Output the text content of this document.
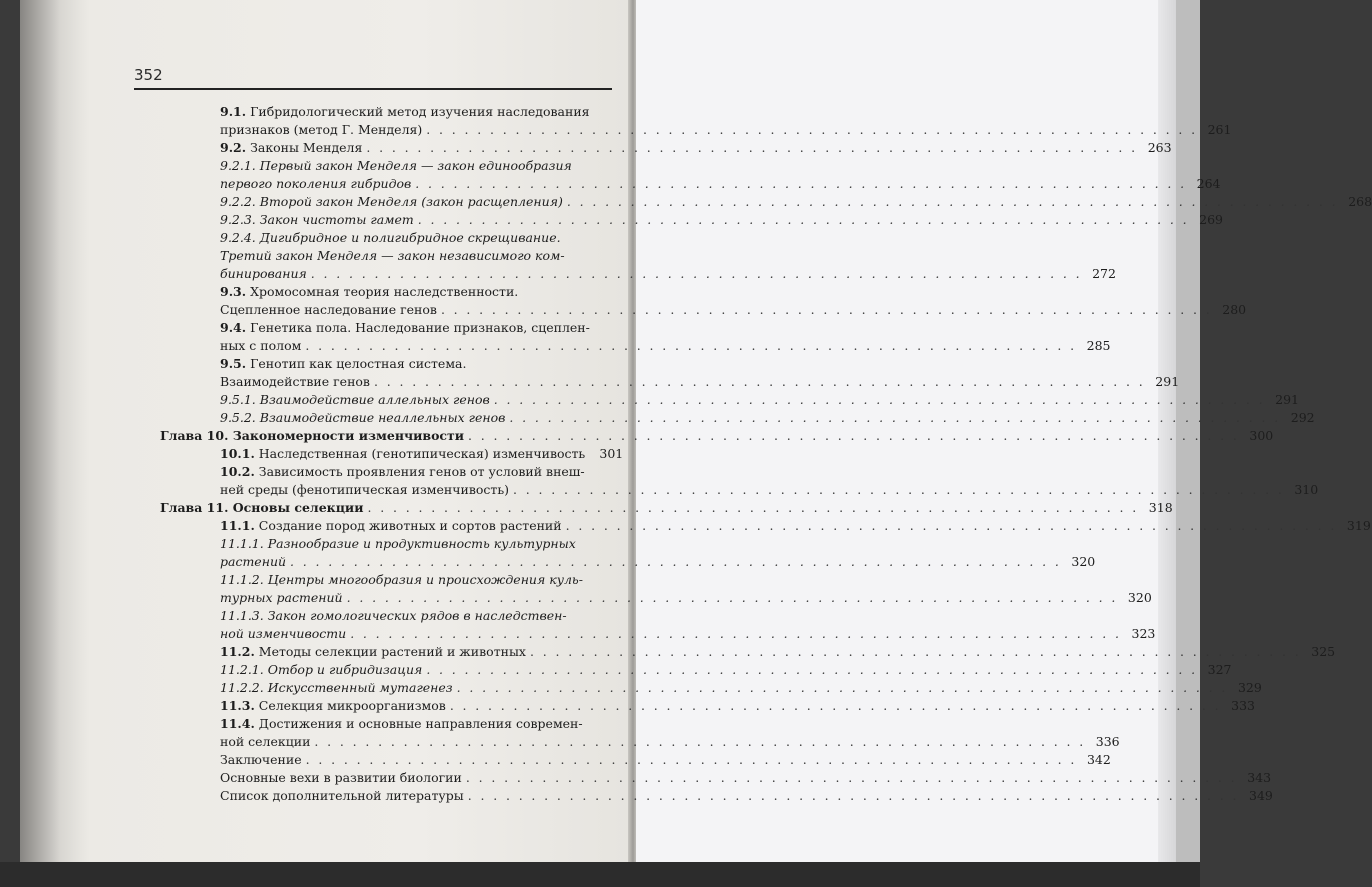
352
9.1. Гибридологический метод изучения наследования
признаков (метод Г. Менделя) . . . . . . . . . . . . . . . . . . . . . . . . . . . . . . . . . . . . . . . . . . . . . . . . . . . . . . . . . . . . . 261
9.2. Законы Менделя . . . . . . . . . . . . . . . . . . . . . . . . . . . . . . . . . . . . . . . . . . . . . . . . . . . . . . . . . . . . . 263
9.2.1. Первый закон Менделя — закон единообразия
первого поколения гибридов . . . . . . . . . . . . . . . . . . . . . . . . . . . . . . . . . . . . . . . . . . . . . . . . . . . . . . . . . . . . . 264
9.2.2. Второй закон Менделя (закон расщепления) . . . . . . . . . . . . . . . . . . . . . . . . . . . . . . . . . . . . . . . . . . . . . . . . . . . . . . . . . . . . . 268
9.2.3. Закон чистоты гамет . . . . . . . . . . . . . . . . . . . . . . . . . . . . . . . . . . . . . . . . . . . . . . . . . . . . . . . . . . . . . 269
9.2.4. Дигибридное и полигибридное скрещивание.
Третий закон Менделя — закон независимого ком-
бинирования . . . . . . . . . . . . . . . . . . . . . . . . . . . . . . . . . . . . . . . . . . . . . . . . . . . . . . . . . . . . . 272
9.3. Хромосомная теория наследственности.
Сцепленное наследование генов . . . . . . . . . . . . . . . . . . . . . . . . . . . . . . . . . . . . . . . . . . . . . . . . . . . . . . . . . . . . . 280
9.4. Генетика пола. Наследование признаков, сцеплен-
ных с полом . . . . . . . . . . . . . . . . . . . . . . . . . . . . . . . . . . . . . . . . . . . . . . . . . . . . . . . . . . . . . 285
9.5. Генотип как целостная система.
Взаимодействие генов . . . . . . . . . . . . . . . . . . . . . . . . . . . . . . . . . . . . . . . . . . . . . . . . . . . . . . . . . . . . . 291
9.5.1. Взаимодействие аллельных генов . . . . . . . . . . . . . . . . . . . . . . . . . . . . . . . . . . . . . . . . . . . . . . . . . . . . . . . . . . . . . 291
9.5.2. Взаимодействие неаллельных генов . . . . . . . . . . . . . . . . . . . . . . . . . . . . . . . . . . . . . . . . . . . . . . . . . . . . . . . . . . . . . 292
Глава 10. Закономерности изменчивости . . . . . . . . . . . . . . . . . . . . . . . . . . . . . . . . . . . . . . . . . . . . . . . . . . . . . . . . . . . . . 300
10.1. Наследственная (генотипическая) изменчивость	301
10.2. Зависимость проявления генов от условий внеш-
ней среды (фенотипическая изменчивость) . . . . . . . . . . . . . . . . . . . . . . . . . . . . . . . . . . . . . . . . . . . . . . . . . . . . . . . . . . . . . 310
Глава 11. Основы селекции . . . . . . . . . . . . . . . . . . . . . . . . . . . . . . . . . . . . . . . . . . . . . . . . . . . . . . . . . . . . . 318
11.1. Создание пород животных и сортов растений . . . . . . . . . . . . . . . . . . . . . . . . . . . . . . . . . . . . . . . . . . . . . . . . . . . . . . . . . . . . . 319
11.1.1. Разнообразие и продуктивность культурных
растений . . . . . . . . . . . . . . . . . . . . . . . . . . . . . . . . . . . . . . . . . . . . . . . . . . . . . . . . . . . . . 320
11.1.2. Центры многообразия и происхождения куль-
турных растений . . . . . . . . . . . . . . . . . . . . . . . . . . . . . . . . . . . . . . . . . . . . . . . . . . . . . . . . . . . . . 320
11.1.3. Закон гомологических рядов в наследствен-
ной изменчивости . . . . . . . . . . . . . . . . . . . . . . . . . . . . . . . . . . . . . . . . . . . . . . . . . . . . . . . . . . . . . 323
11.2. Методы селекции растений и животных . . . . . . . . . . . . . . . . . . . . . . . . . . . . . . . . . . . . . . . . . . . . . . . . . . . . . . . . . . . . . 325
11.2.1. Отбор и гибридизация . . . . . . . . . . . . . . . . . . . . . . . . . . . . . . . . . . . . . . . . . . . . . . . . . . . . . . . . . . . . . 327
11.2.2. Искусственный мутагенез . . . . . . . . . . . . . . . . . . . . . . . . . . . . . . . . . . . . . . . . . . . . . . . . . . . . . . . . . . . . . 329
11.3. Селекция микроорганизмов . . . . . . . . . . . . . . . . . . . . . . . . . . . . . . . . . . . . . . . . . . . . . . . . . . . . . . . . . . . . . 333
11.4. Достижения и основные направления современ-
ной селекции . . . . . . . . . . . . . . . . . . . . . . . . . . . . . . . . . . . . . . . . . . . . . . . . . . . . . . . . . . . . . 336
Заключение . . . . . . . . . . . . . . . . . . . . . . . . . . . . . . . . . . . . . . . . . . . . . . . . . . . . . . . . . . . . . 342
Основные вехи в развитии биологии . . . . . . . . . . . . . . . . . . . . . . . . . . . . . . . . . . . . . . . . . . . . . . . . . . . . . . . . . . . . . 343
Список дополнительной литературы . . . . . . . . . . . . . . . . . . . . . . . . . . . . . . . . . . . . . . . . . . . . . . . . . . . . . . . . . . . . . 349
